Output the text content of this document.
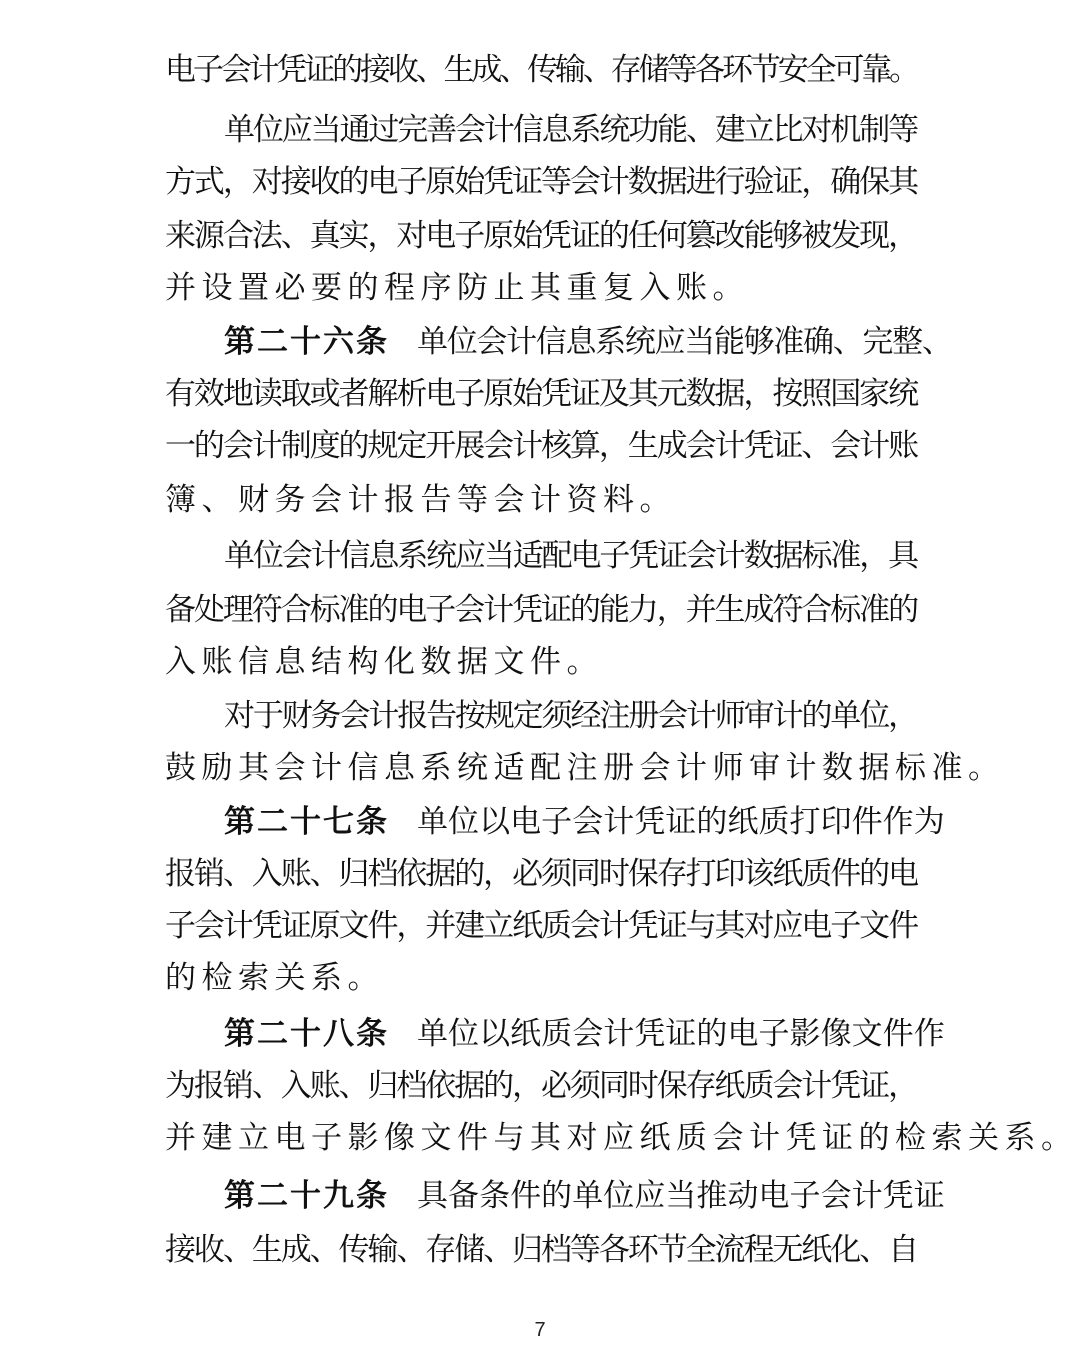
电子会计凭证的接收、生成、传输、存储等各环节安全可靠。
单位应当通过完善会计信息系统功能、建立比对机制等
方式，对接收的电子原始凭证等会计数据进行验证，确保其
来源合法、真实，对电子原始凭证的任何篡改能够被发现，
并设置必要的程序防止其重复入账。
第二十六条 单位会计信息系统应当能够准确、完整、
有效地读取或者解析电子原始凭证及其元数据，按照国家统
一的会计制度的规定开展会计核算，生成会计凭证、会计账
簿、财务会计报告等会计资料。
单位会计信息系统应当适配电子凭证会计数据标准，具
备处理符合标准的电子会计凭证的能力，并生成符合标准的
入账信息结构化数据文件。
对于财务会计报告按规定须经注册会计师审计的单位，
鼓励其会计信息系统适配注册会计师审计数据标准。
第二十七条 单位以电子会计凭证的纸质打印件作为
报销、入账、归档依据的，必须同时保存打印该纸质件的电
子会计凭证原文件，并建立纸质会计凭证与其对应电子文件
的检索关系。
第二十八条 单位以纸质会计凭证的电子影像文件作
为报销、入账、归档依据的，必须同时保存纸质会计凭证，
并建立电子影像文件与其对应纸质会计凭证的检索关系。
第二十九条 具备条件的单位应当推动电子会计凭证
接收、生成、传输、存储、归档等各环节全流程无纸化、自
7
